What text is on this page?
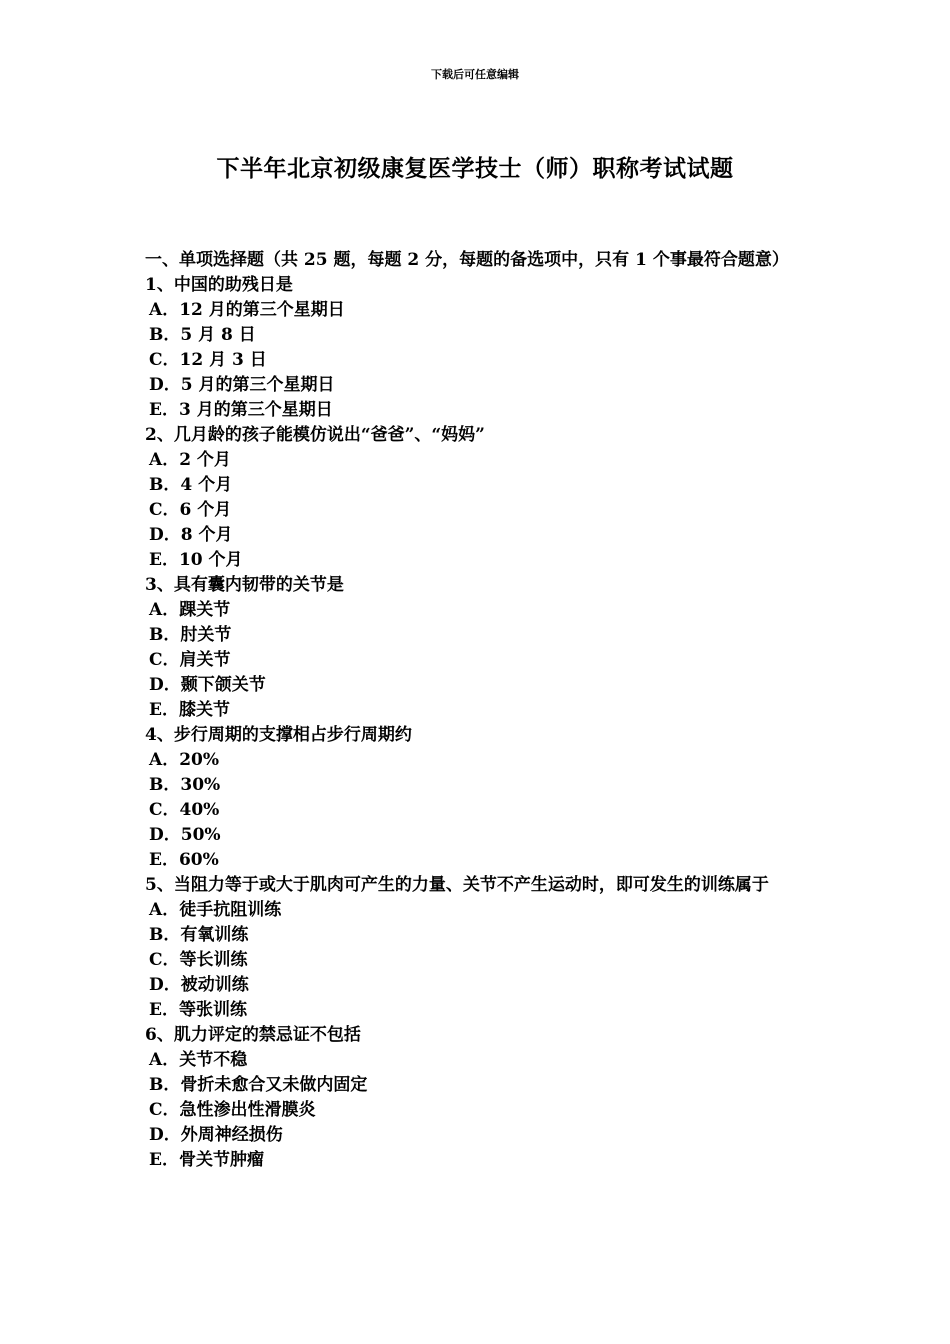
下载后可任意编辑
下半年北京初级康复医学技士（师）职称考试试题
一、单项选择题（共 25 题，每题 2 分，每题的备选项中，只有 1 个事最符合题意）
1、中国的助残日是
A．12 月的第三个星期日
B．5 月 8 日
C．12 月 3 日
D．5 月的第三个星期日
E．3 月的第三个星期日
2、几月龄的孩子能模仿说出“爸爸”、“妈妈”
A．2 个月
B．4 个月
C．6 个月
D．8 个月
E．10 个月
3、具有囊内韧带的关节是
A．踝关节
B．肘关节
C．肩关节
D．颞下颌关节
E．膝关节
4、步行周期的支撑相占步行周期约
A．20%
B．30%
C．40%
D．50%
E．60%
5、当阻力等于或大于肌肉可产生的力量、关节不产生运动时，即可发生的训练属于
A．徒手抗阻训练
B．有氧训练
C．等长训练
D．被动训练
E．等张训练
6、肌力评定的禁忌证不包括
A．关节不稳
B．骨折未愈合又未做内固定
C．急性渗出性滑膜炎
D．外周神经损伤
E．骨关节肿瘤
